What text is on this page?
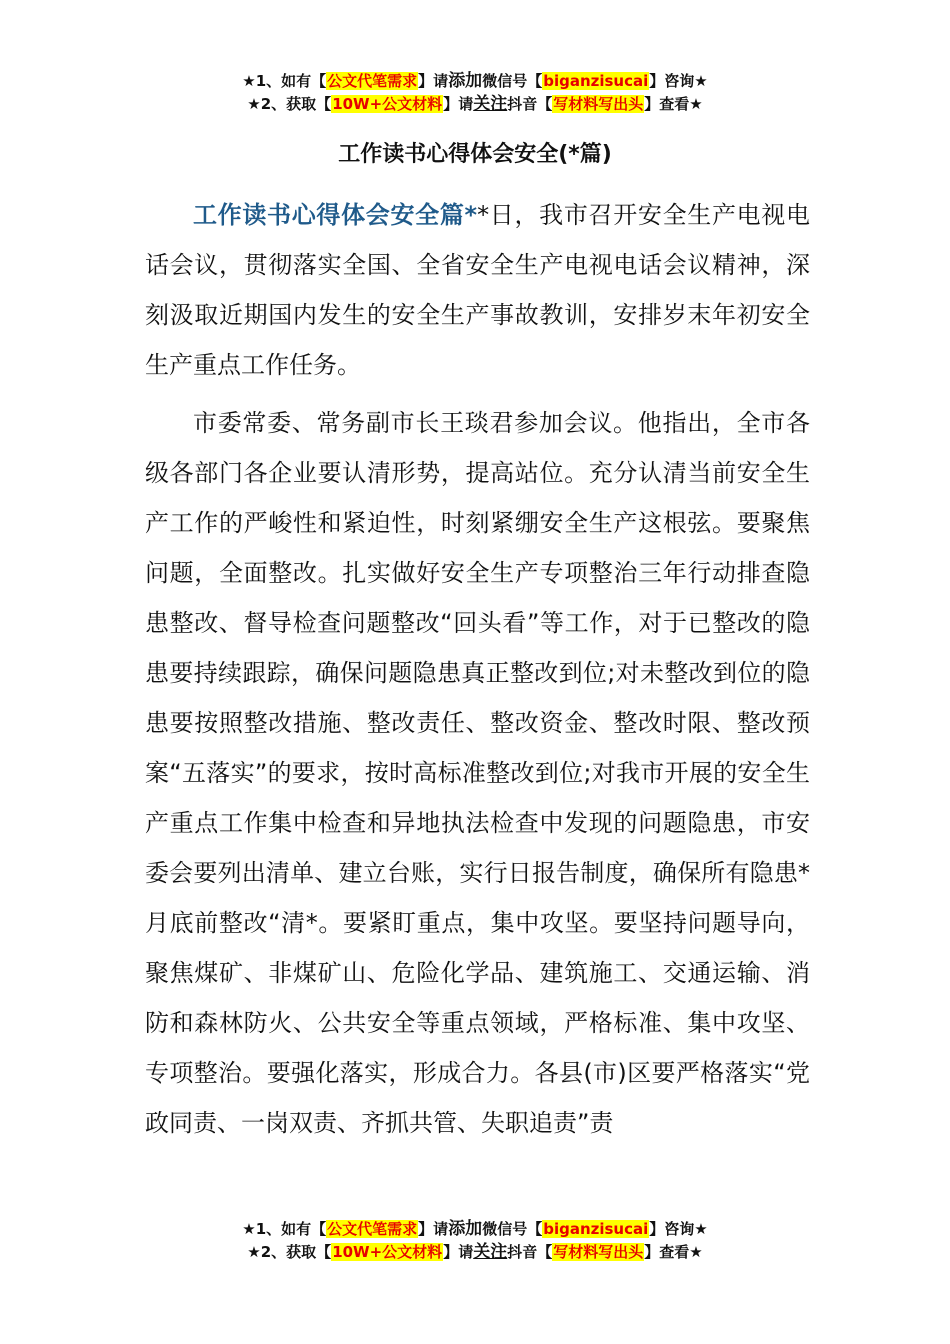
★1、如有【公文代笔需求】请添加微信号【biganzisucai】咨询★
★2、获取【10W+公文材料】请关注抖音【写材料写出头】查看★
工作读书心得体会安全(*篇)

工作读书心得体会安全篇**日，我市召开安全生产电视电话会议，贯彻落实全国、全省安全生产电视电话会议精神，深刻汲取近期国内发生的安全生产事故教训，安排岁末年初安全生产重点工作任务。

市委常委、常务副市长王琰君参加会议。他指出，全市各级各部门各企业要认清形势，提高站位。充分认清当前安全生产工作的严峻性和紧迫性，时刻紧绷安全生产这根弦。要聚焦问题，全面整改。扎实做好安全生产专项整治三年行动排查隐患整改、督导检查问题整改“回头看”等工作，对于已整改的隐患要持续跟踪，确保问题隐患真正整改到位;对未整改到位的隐患要按照整改措施、整改责任、整改资金、整改时限、整改预案“五落实”的要求，按时高标准整改到位;对我市开展的安全生产重点工作集中检查和异地执法检查中发现的问题隐患，市安委会要列出清单、建立台账，实行日报告制度，确保所有隐患*月底前整改“清*。要紧盯重点，集中攻坚。要坚持问题导向，聚焦煤矿、非煤矿山、危险化学品、建筑施工、交通运输、消防和森林防火、公共安全等重点领域，严格标准、集中攻坚、专项整治。要强化落实，形成合力。各县(市)区要严格落实“党政同责、一岗双责、齐抓共管、失职追责”责

★1、如有【公文代笔需求】请添加微信号【biganzisucai】咨询★
★2、获取【10W+公文材料】请关注抖音【写材料写出头】查看★
